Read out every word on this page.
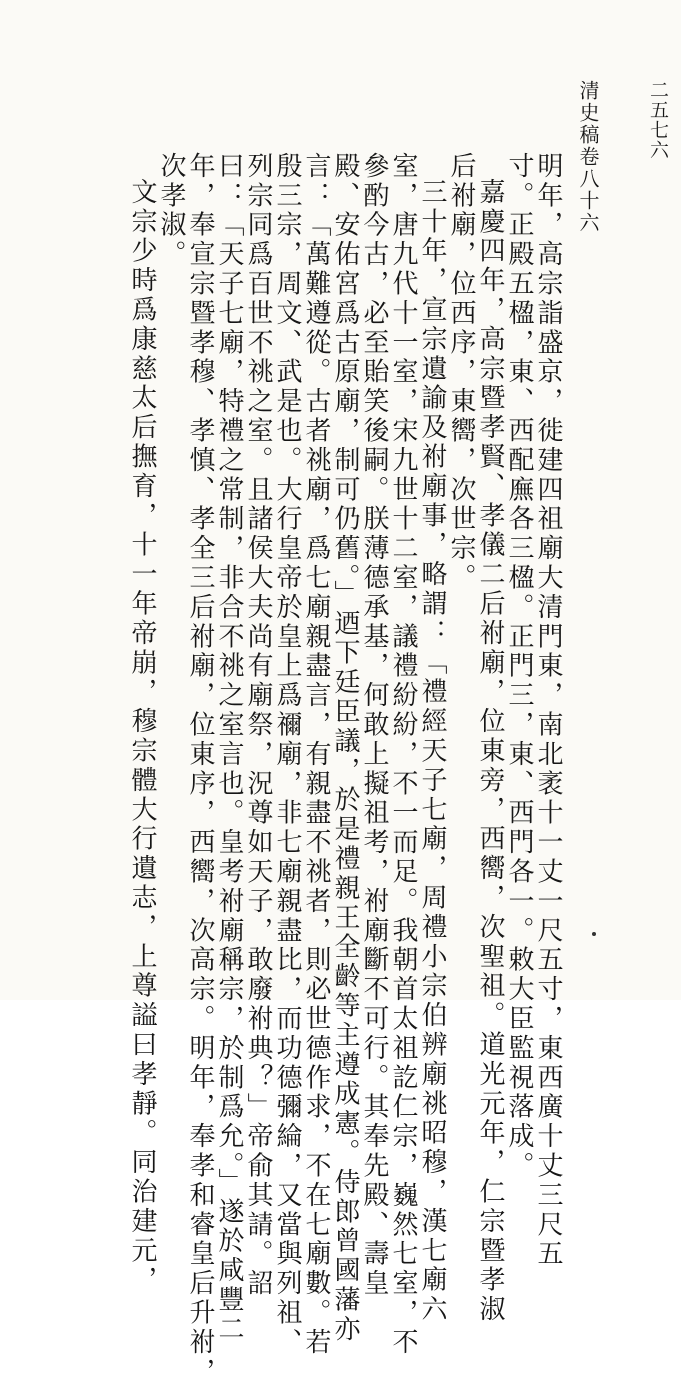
清史稿卷八十六 二五七六
明年，高宗詣盛京，徙建四祖廟大清門東，南北袤十一丈一尺五寸，東西廣十丈三尺五
寸。正殿五楹，東、西配廡各三楹。正門三，東、西門各一。敕大臣監視落成。
嘉慶四年，高宗暨孝賢、孝儀二后祔廟，位東旁，西嚮，次聖祖。道光元年，仁宗暨孝淑
后祔廟，位西序，東嚮，次世宗。
三十年，宣宗遺諭及祔廟事，略謂：「禮經天子七廟，周禮小宗伯辨廟祧昭穆，漢七廟六
室，唐九代十一室，宋九世十二室，議禮紛紛，不一而足。我朝首太祖訖仁宗，巍然七室，不
參酌今古，必至貽笑後嗣。朕薄德承基，何敢上擬祖考，祔廟斷不可行。其奉先殿、壽皇
殿、安佑宮爲古原廟，制可仍舊。」迺下廷臣議，於是禮親王全齡等主遵成憲。侍郎曾國藩亦
言：「萬難遵從。古者祧廟，爲七廟親盡言，有親盡不祧者，則必世德作求，不在七廟數。若
殷三宗，周文、武是也。大行皇帝於皇上爲禰廟，非七廟親盡比，而功德彌綸，又當與列祖、
列宗同爲百世不祧之室。且諸侯大夫尚有廟祭，況尊如天子，敢廢祔典？」帝俞其請。詔
曰：「天子七廟，特禮之常制，非合不祧之室言也。皇考祔廟稱宗，於制爲允。」遂於咸豐二
年，奉宣宗暨孝穆、孝慎、孝全三后祔廟，位東序，西嚮，次高宗。明年，奉孝和睿皇后升祔，
次孝淑。
文宗少時爲康慈太后撫育，十一年帝崩，穆宗體大行遺志，上尊謚曰孝靜。同治建元，
